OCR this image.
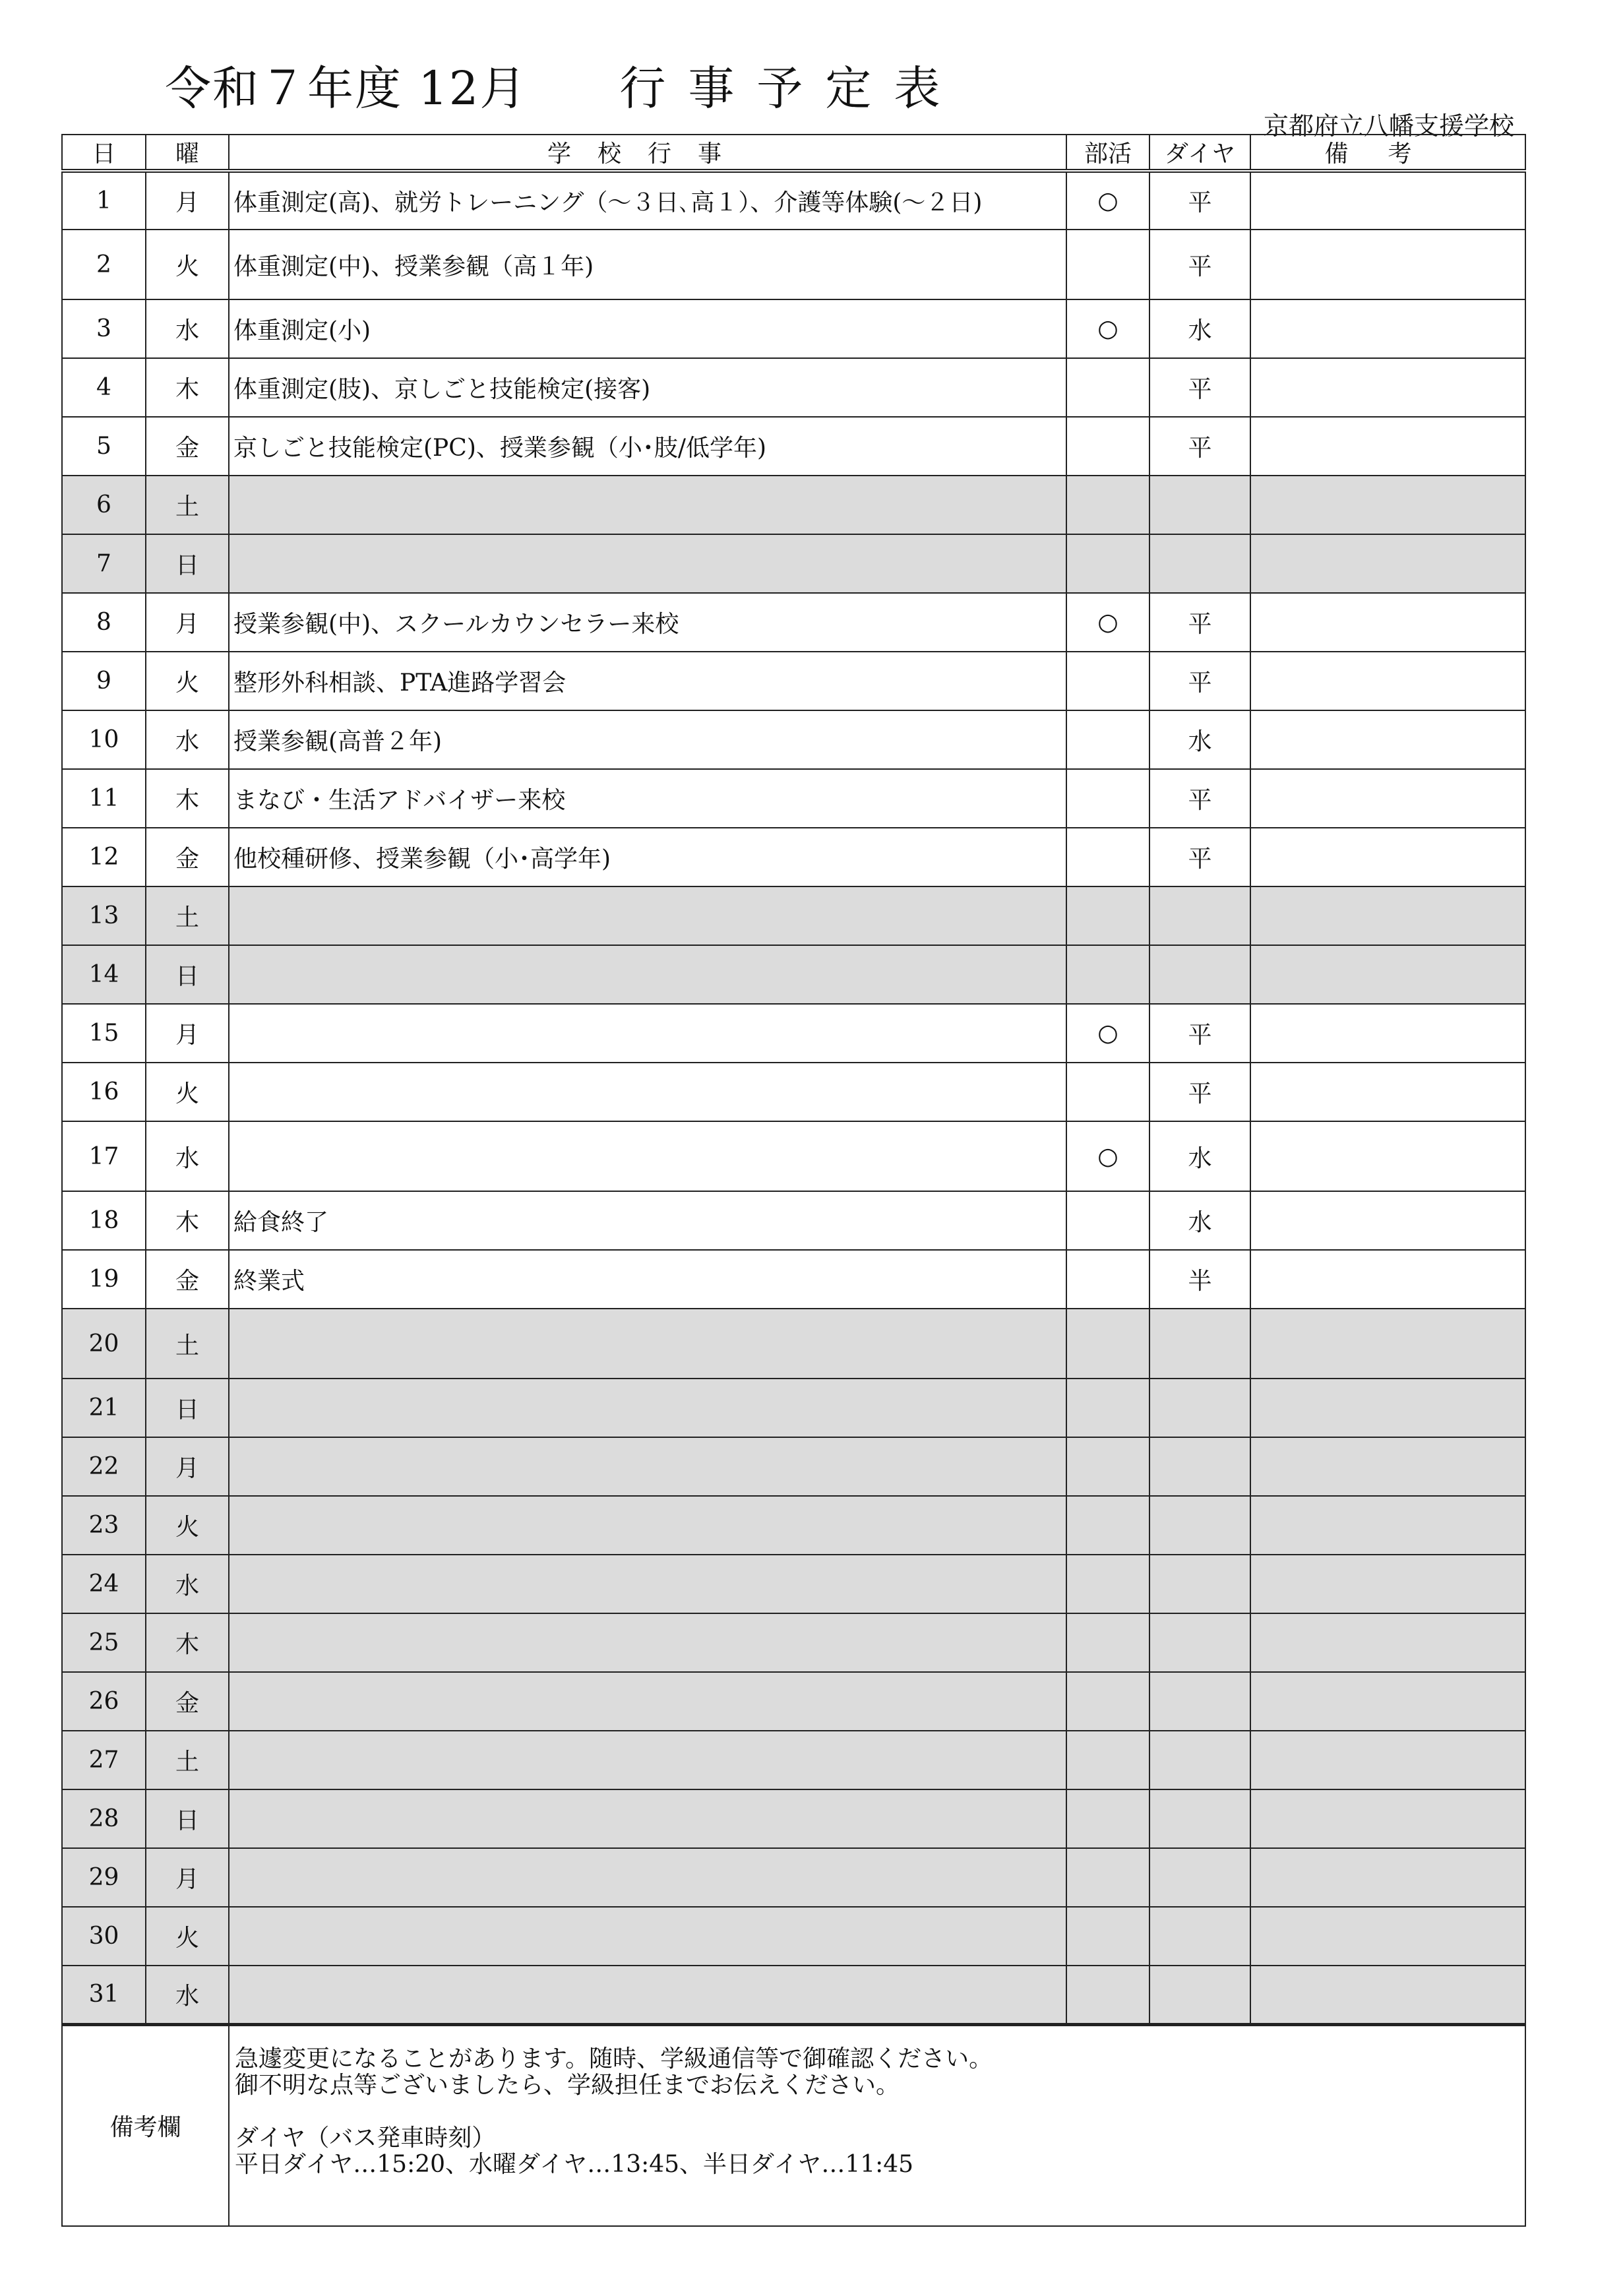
令和７年度 12月 行事予定表
京都府立八幡支援学校
日	曜	学校行事	部活	ダイヤ	備考
1	月	体重測定(高)、就労トレーニング（～３日､高１）、介護等体験(～２日)	○	平	
2	火	体重測定(中)、授業参観（高１年)		平	
3	水	体重測定(小)	○	水	
4	木	体重測定(肢)、京しごと技能検定(接客)		平	
5	金	京しごと技能検定(PC)、授業参観（小･肢/低学年)		平	
6	土				
7	日				
8	月	授業参観(中)、スクールカウンセラー来校	○	平	
9	火	整形外科相談、PTA進路学習会		平	
10	水	授業参観(高普２年)		水	
11	木	まなび・生活アドバイザー来校		平	
12	金	他校種研修、授業参観（小･高学年)		平	
13	土				
14	日				
15	月		○	平	
16	火			平	
17	水		○	水	
18	木	給食終了		水	
19	金	終業式		半	
20	土				
21	日				
22	月				
23	火				
24	水				
25	木				
26	金				
27	土				
28	日				
29	月				
30	火				
31	水				
備考欄		急遽変更になることがあります。随時、学級通信等で御確認ください。
御不明な点等ございましたら、学級担任までお伝えください。
ダイヤ（バス発車時刻）
平日ダイヤ…15:20、水曜ダイヤ…13:45、半日ダイヤ…11:45			
